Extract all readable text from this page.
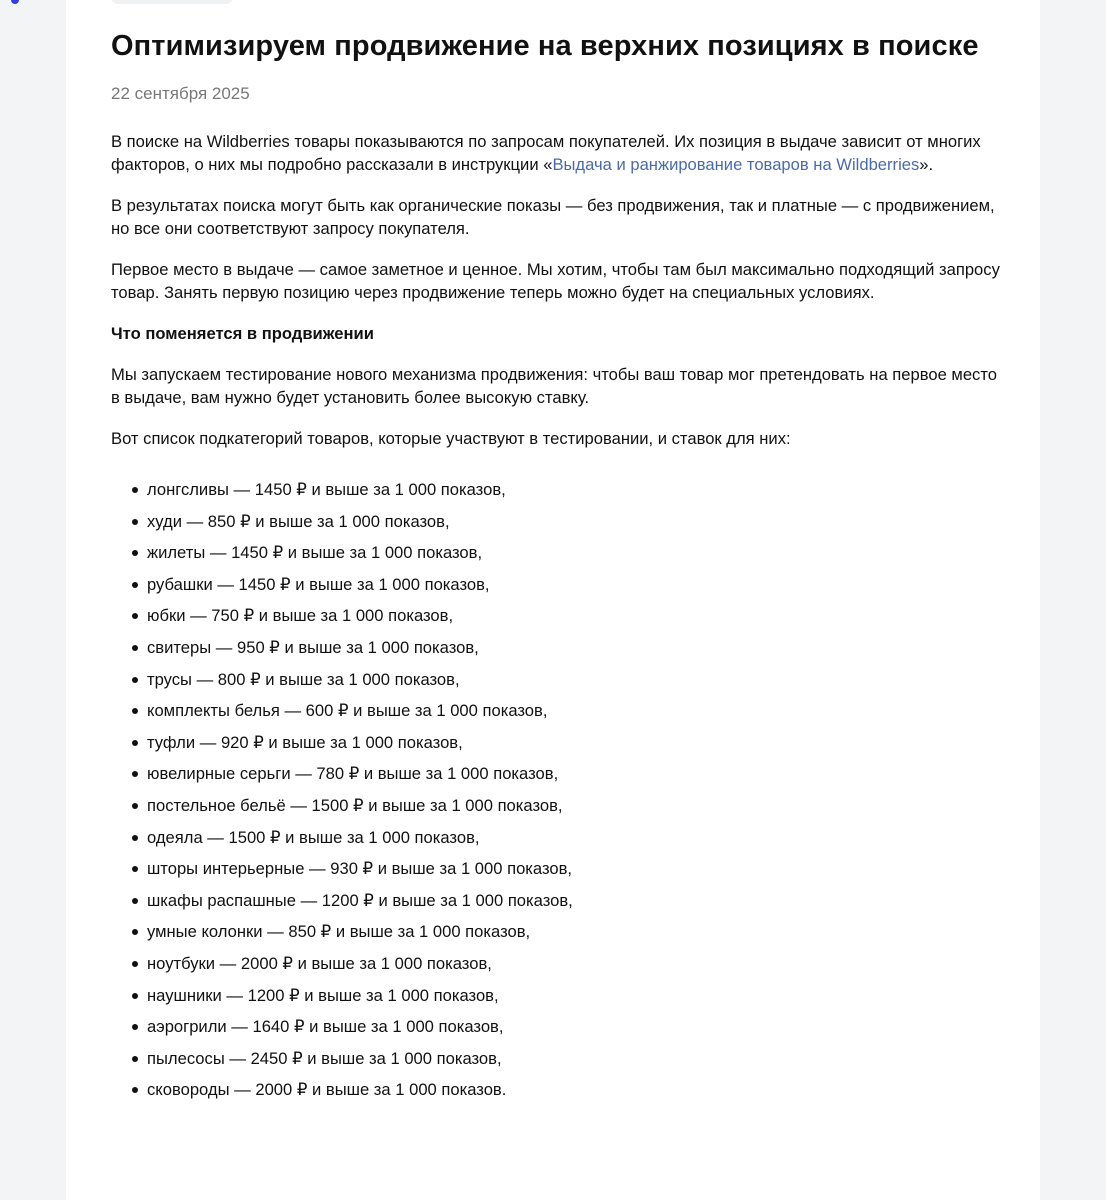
Оптимизируем продвижение на верхних позициях в поиске
22 сентября 2025

В поиске на Wildberries товары показываются по запросам покупателей. Их позиция в выдаче зависит от многих факторов, о них мы подробно рассказали в инструкции «Выдача и ранжирование товаров на Wildberries».

В результатах поиска могут быть как органические показы — без продвижения, так и платные — с продвижением, но все они соответствуют запросу покупателя.

Первое место в выдаче — самое заметное и ценное. Мы хотим, чтобы там был максимально подходящий запросу товар. Занять первую позицию через продвижение теперь можно будет на специальных условиях.

Что поменяется в продвижении

Мы запускаем тестирование нового механизма продвижения: чтобы ваш товар мог претендовать на первое место в выдаче, вам нужно будет установить более высокую ставку.

Вот список подкатегорий товаров, которые участвуют в тестировании, и ставок для них:

лонгсливы — 1450 ₽ и выше за 1 000 показов,
худи — 850 ₽ и выше за 1 000 показов,
жилеты — 1450 ₽ и выше за 1 000 показов,
рубашки — 1450 ₽ и выше за 1 000 показов,
юбки — 750 ₽ и выше за 1 000 показов,
свитеры — 950 ₽ и выше за 1 000 показов,
трусы — 800 ₽ и выше за 1 000 показов,
комплекты белья — 600 ₽ и выше за 1 000 показов,
туфли — 920 ₽ и выше за 1 000 показов,
ювелирные серьги — 780 ₽ и выше за 1 000 показов,
постельное бельё — 1500 ₽ и выше за 1 000 показов,
одеяла — 1500 ₽ и выше за 1 000 показов,
шторы интерьерные — 930 ₽ и выше за 1 000 показов,
шкафы распашные — 1200 ₽ и выше за 1 000 показов,
умные колонки — 850 ₽ и выше за 1 000 показов,
ноутбуки — 2000 ₽ и выше за 1 000 показов,
наушники — 1200 ₽ и выше за 1 000 показов,
аэрогрили — 1640 ₽ и выше за 1 000 показов,
пылесосы — 2450 ₽ и выше за 1 000 показов,
сковороды — 2000 ₽ и выше за 1 000 показов.
